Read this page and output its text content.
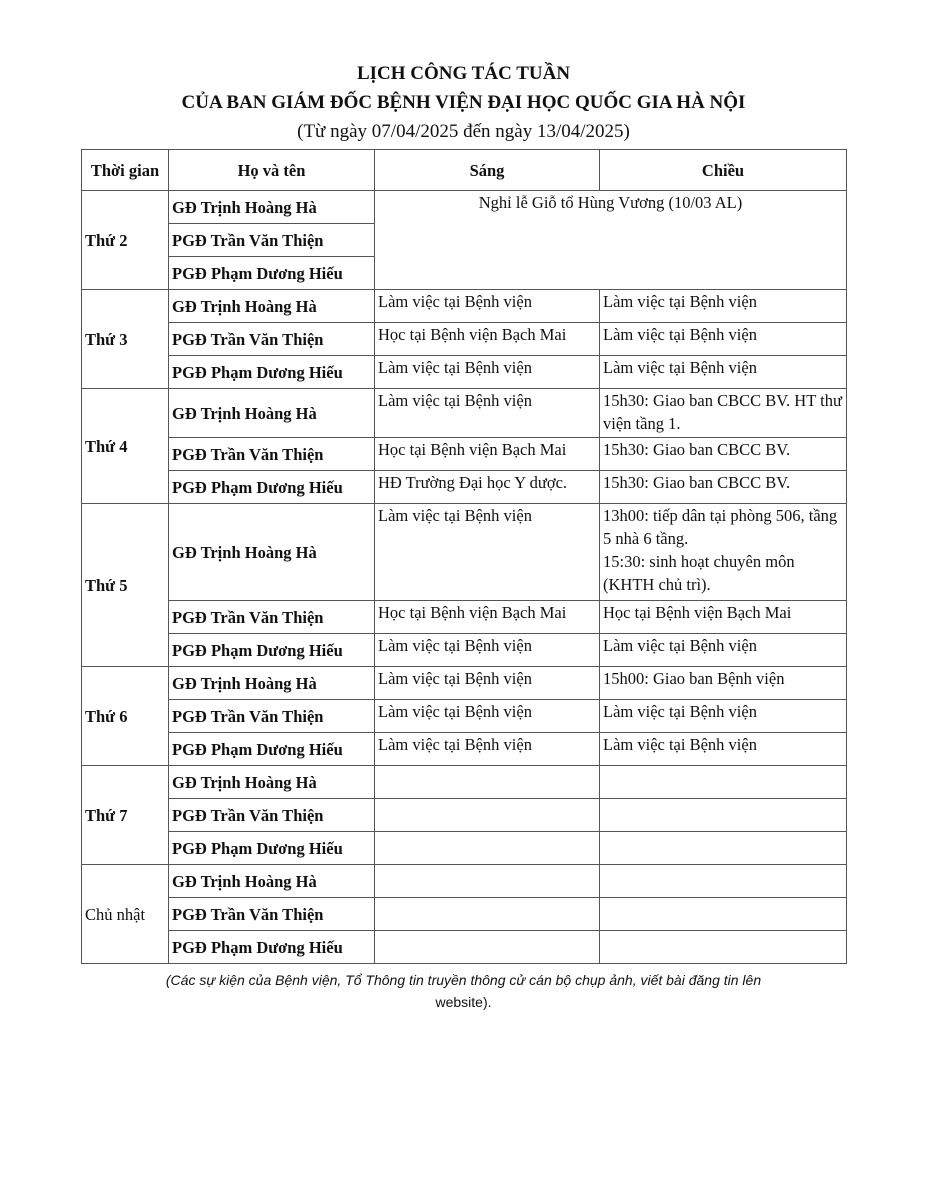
LỊCH CÔNG TÁC TUẦN
CỦA BAN GIÁM ĐỐC BỆNH VIỆN ĐẠI HỌC QUỐC GIA HÀ NỘI
(Từ ngày 07/04/2025 đến ngày 13/04/2025)
Thời gian	Họ và tên	Sáng	Chiều
Thứ 2	GĐ Trịnh Hoàng Hà	Nghỉ lễ Giỗ tổ Hùng Vương (10/03 AL)	
	PGĐ Trần Văn Thiện		
	PGĐ Phạm Dương Hiếu		
Thứ 3	GĐ Trịnh Hoàng Hà	Làm việc tại Bệnh viện	Làm việc tại Bệnh viện
	PGĐ Trần Văn Thiện	Học tại Bệnh viện Bạch Mai	Làm việc tại Bệnh viện
	PGĐ Phạm Dương Hiếu	Làm việc tại Bệnh viện	Làm việc tại Bệnh viện
Thứ 4	GĐ Trịnh Hoàng Hà	Làm việc tại Bệnh viện	15h30: Giao ban CBCC BV. HT thư viện tầng 1.
	PGĐ Trần Văn Thiện	Học tại Bệnh viện Bạch Mai	15h30: Giao ban CBCC BV.
	PGĐ Phạm Dương Hiếu	HĐ Trường Đại học Y dược.	15h30: Giao ban CBCC BV.
Thứ 5	GĐ Trịnh Hoàng Hà	Làm việc tại Bệnh viện	13h00: tiếp dân tại phòng 506, tầng 5 nhà 6 tầng.
15:30: sinh hoạt chuyên môn (KHTH chủ trì).

	PGĐ Trần Văn Thiện	Học tại Bệnh viện Bạch Mai	Học tại Bệnh viện Bạch Mai
	PGĐ Phạm Dương Hiếu	Làm việc tại Bệnh viện	Làm việc tại Bệnh viện
Thứ 6	GĐ Trịnh Hoàng Hà	Làm việc tại Bệnh viện	15h00: Giao ban Bệnh viện
	PGĐ Trần Văn Thiện	Làm việc tại Bệnh viện	Làm việc tại Bệnh viện
	PGĐ Phạm Dương Hiếu	Làm việc tại Bệnh viện	Làm việc tại Bệnh viện
Thứ 7	GĐ Trịnh Hoàng Hà		
	PGĐ Trần Văn Thiện		
	PGĐ Phạm Dương Hiếu		
Chủ nhật	GĐ Trịnh Hoàng Hà		
	PGĐ Trần Văn Thiện		
	PGĐ Phạm Dương Hiếu		
(Các sự kiện của Bệnh viện, Tổ Thông tin truyền thông cử cán bộ chụp ảnh, viết bài đăng tin lên
website).
